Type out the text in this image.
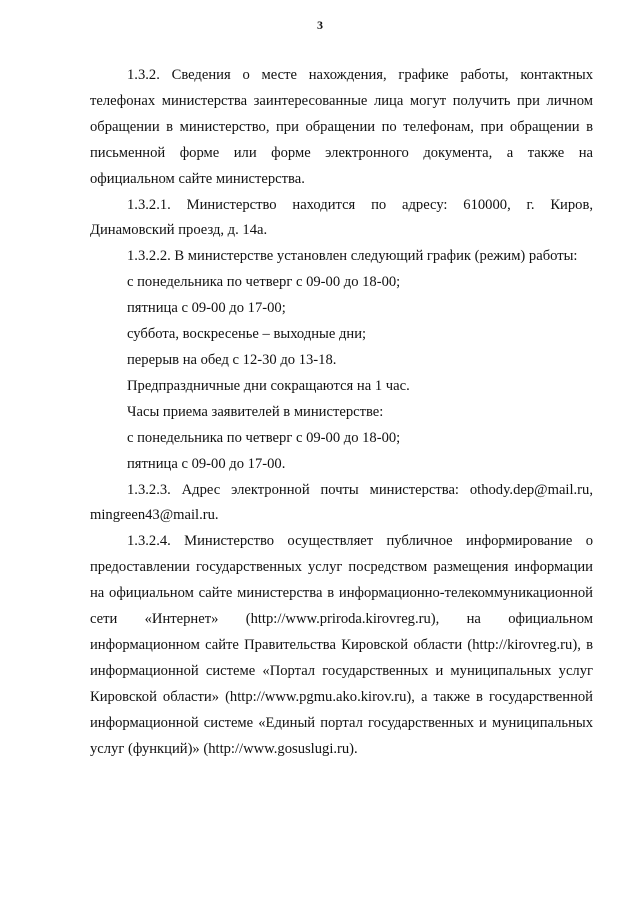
3

1.3.2. Сведения о месте нахождения, графике работы, контактных телефонах министерства заинтересованные лица могут получить при личном обращении в министерство, при обращении по телефонам, при обращении в письменной форме или форме электронного документа, а также на официальном сайте министерства.

1.3.2.1. Министерство находится по адресу: 610000, г. Киров, Динамовский проезд, д. 14а.

1.3.2.2. В министерстве установлен следующий график (режим) работы:

с понедельника по четверг с 09-00 до 18-00;

пятница с 09-00 до 17-00;

суббота, воскресенье – выходные дни;

перерыв на обед с 12-30 до 13-18.

Предпраздничные дни сокращаются на 1 час.

Часы приема заявителей в министерстве:

с понедельника по четверг с 09-00 до 18-00;

пятница с 09-00 до 17-00.

1.3.2.3. Адрес электронной почты министерства: othody.dep@mail.ru, mingreen43@mail.ru.

1.3.2.4. Министерство осуществляет публичное информирование о предоставлении государственных услуг посредством размещения информации на официальном сайте министерства в информационно-телекоммуникационной сети «Интернет» (http://www.priroda.kirovreg.ru), на официальном информационном сайте Правительства Кировской области (http://kirovreg.ru), в информационной системе «Портал государственных и муниципальных услуг Кировской области» (http://www.pgmu.ako.kirov.ru), а также в государственной информационной системе «Единый портал государственных и муниципальных услуг (функций)» (http://www.gosuslugi.ru).
